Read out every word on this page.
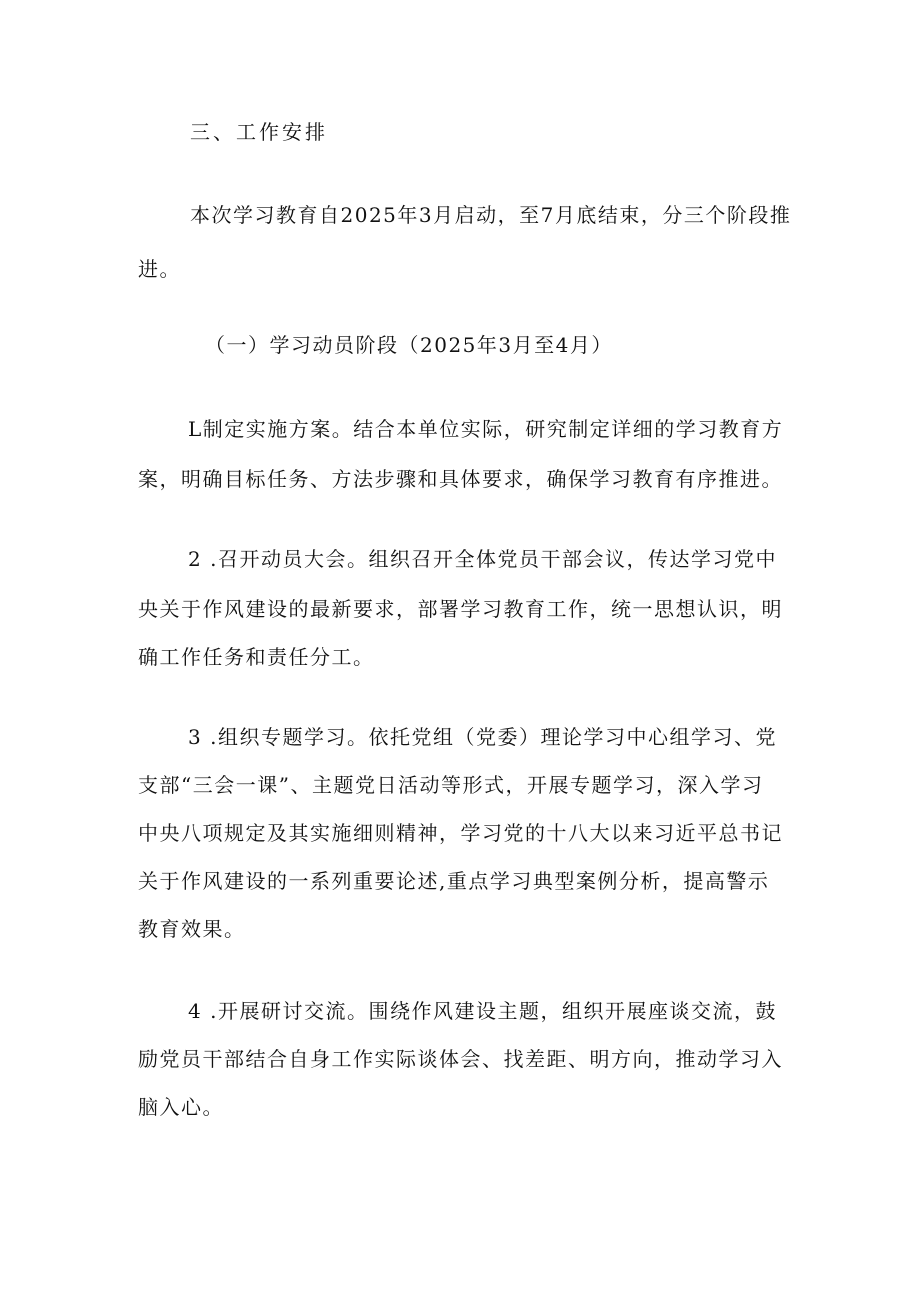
三、工作安排
本次学习教育自2025年3月启动，至7月底结束，分三个阶段推
进。
（一）学习动员阶段（2025年3月至4月）
L制定实施方案。结合本单位实际，研究制定详细的学习教育方
案，明确目标任务、方法步骤和具体要求，确保学习教育有序推进。
2 .召开动员大会。组织召开全体党员干部会议，传达学习党中
央关于作风建设的最新要求，部署学习教育工作，统一思想认识，明
确工作任务和责任分工。
3 .组织专题学习。依托党组（党委）理论学习中心组学习、党
支部“三会一课”、主题党日活动等形式，开展专题学习，深入学习
中央八项规定及其实施细则精神，学习党的十八大以来习近平总书记
关于作风建设的一系列重要论述,重点学习典型案例分析，提高警示
教育效果。
4 .开展研讨交流。围绕作风建设主题，组织开展座谈交流，鼓
励党员干部结合自身工作实际谈体会、找差距、明方向，推动学习入
脑入心。
